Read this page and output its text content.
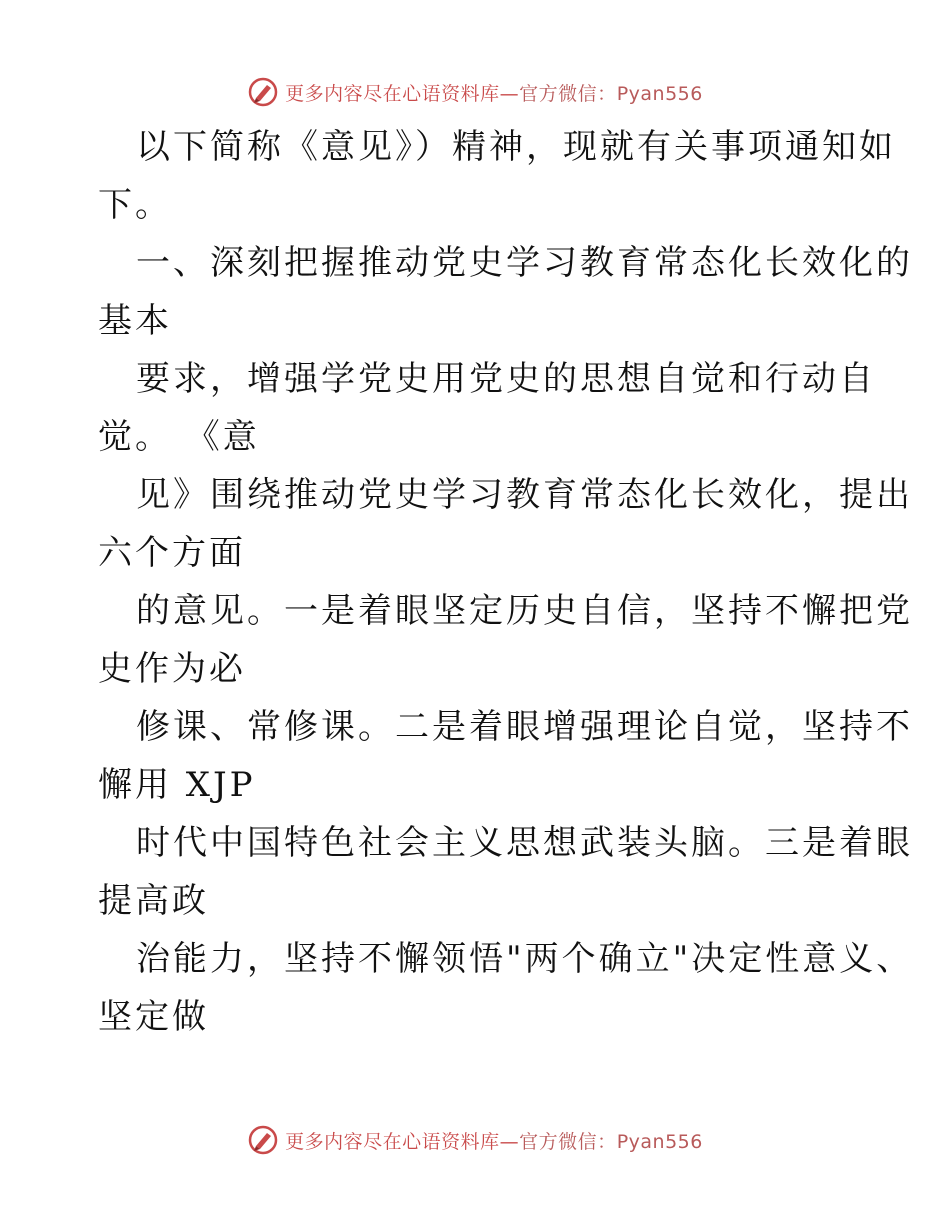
更多内容尽在心语资料库—官方微信：Pyan556
以下简称《意见》）精神，现就有关事项通知如
下。
一、深刻把握推动党史学习教育常态化长效化的
基本
要求，增强学党史用党史的思想自觉和行动自
觉。 《意
见》围绕推动党史学习教育常态化长效化，提出
六个方面
的意见。一是着眼坚定历史自信，坚持不懈把党
史作为必
修课、常修课。二是着眼增强理论自觉，坚持不
懈用 XJP
时代中国特色社会主义思想武装头脑。三是着眼
提高政
治能力，坚持不懈领悟"两个确立"决定性意义、
坚定做
更多内容尽在心语资料库—官方微信：Pyan556
